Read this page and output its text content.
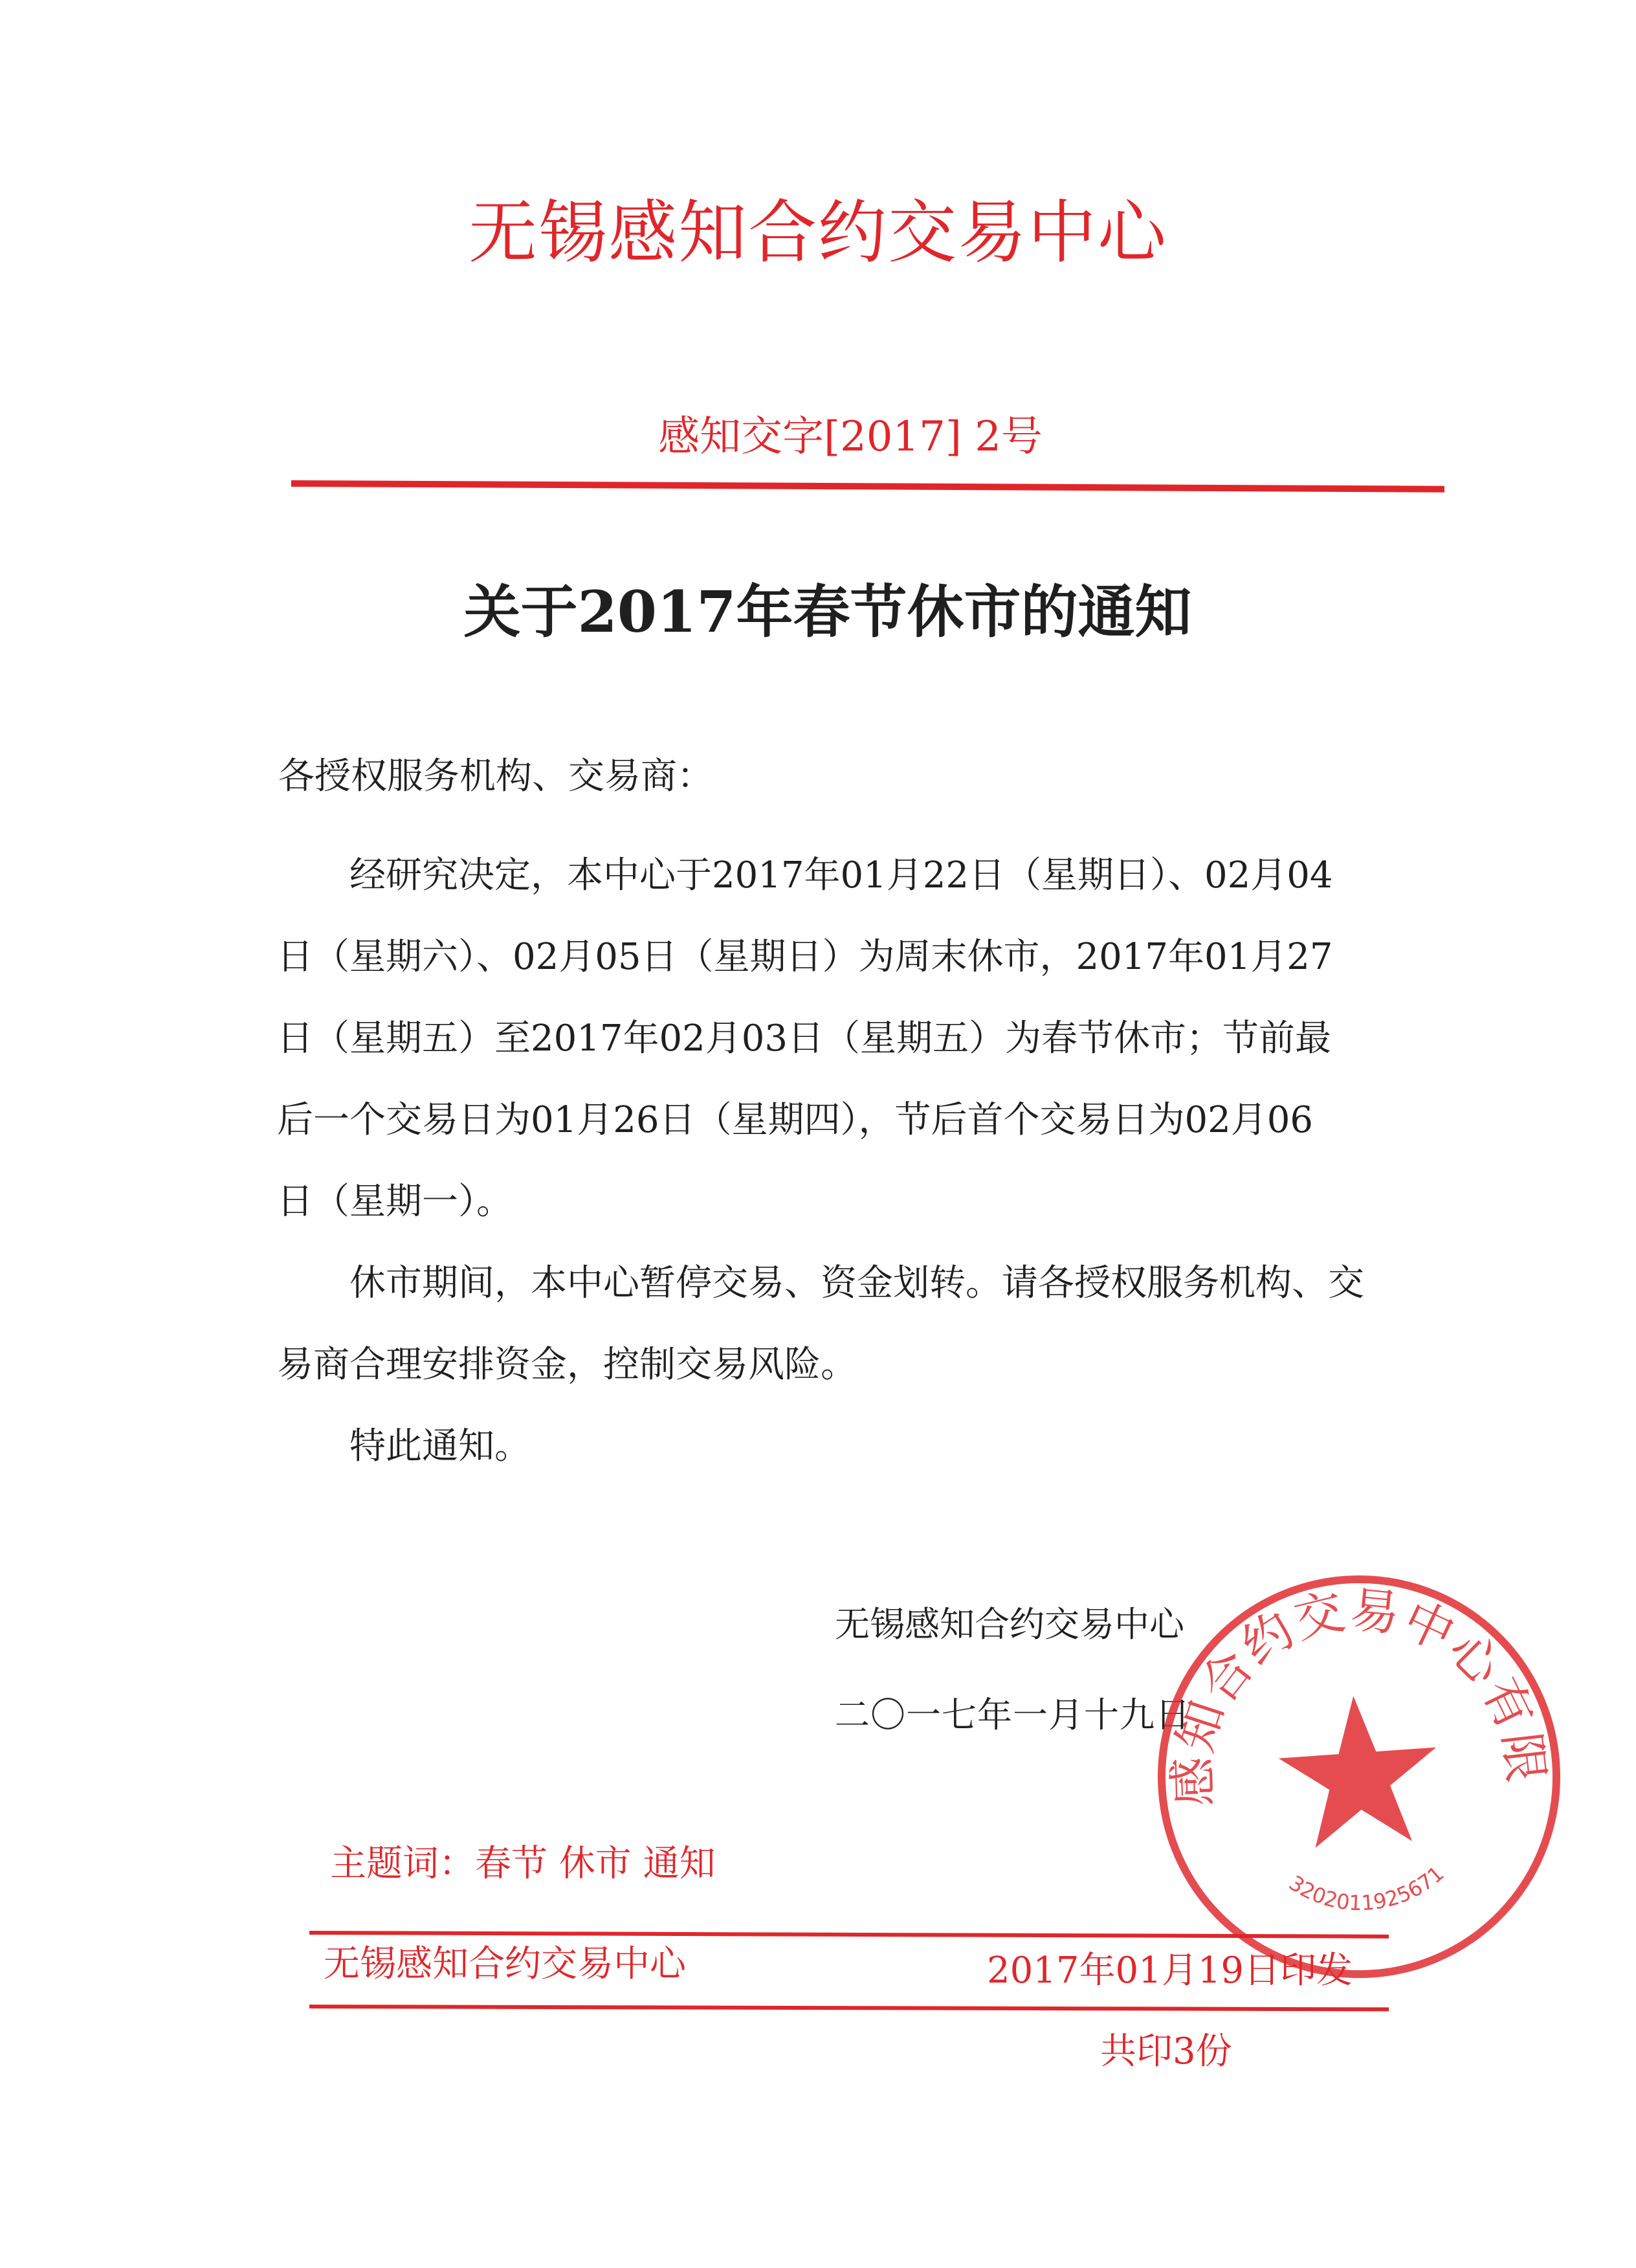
无锡感知合约交易中心
感知交字[2017] 2号
关于2017年春节休市的通知
各授权服务机构、交易商：

经研究决定，本中心于2017年01月22日（星期日）、02月04
日（星期六）、02月05日（星期日）为周末休市，2017年01月27
日（星期五）至2017年02月03日（星期五）为春节休市；节前最
后一个交易日为01月26日（星期四），节后首个交易日为02月06
日（星期一）。

休市期间，本中心暂停交易、资金划转。请各授权服务机构、交
易商合理安排资金，控制交易风险。

特此通知。

无锡感知合约交易中心
二〇一七年一月十九日
无锡感知合约交易中心有限公司
3202011925671
主题词：春节 休市 通知
无锡感知合约交易中心	2017年01月19日印发
共印3份
